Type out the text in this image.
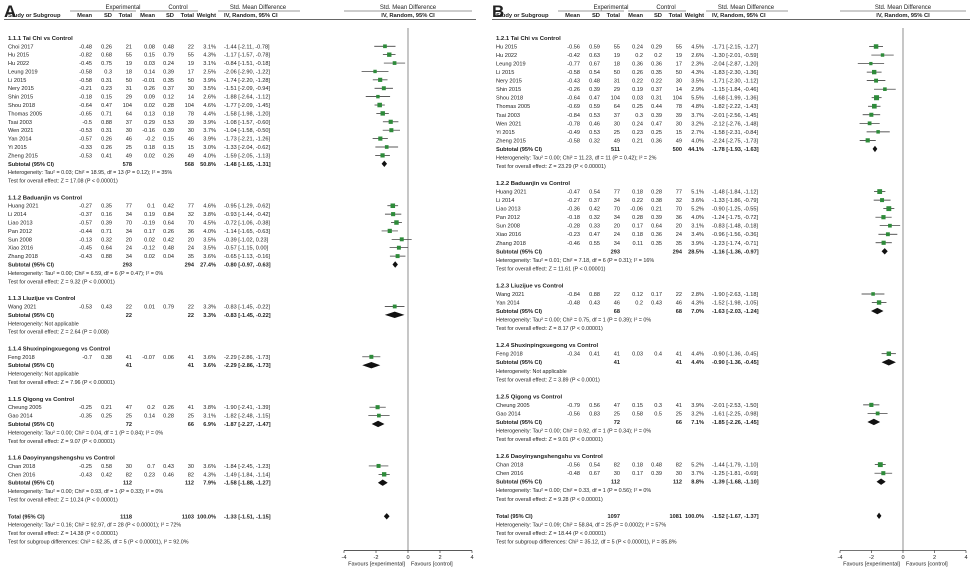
A	Experimental	Control	Std. Mean Difference	Std. Mean Difference
Study or Subgroup	Mean SD Total Mean SD Total Weight IV, Random, 95% CI	IV, Random, 95% CI
1.1.1 Tai Chi vs Control
Choi 2017	-0.48 0.26 21 0.08 0.48 22 3.1% -1.44 [-2.11, -0.78]
Hu 2015	-0.82 0.68 55 0.15 0.79 55 4.3% -1.17 [-1.57, -0.78]
Hu 2022	-0.45 0.75 19 0.03 0.24 19 3.1% -0.84 [-1.51, -0.18]
Leung 2019	-0.58 0.3 18 0.14 0.39 17 2.5% -2.06 [-2.90, -1.22]
Li 2015	-0.58 0.31 50 -0.01 0.35 50 3.9% -1.74 [-2.20, -1.28]
Nery 2015	-0.21 0.23 31 0.26 0.37 30 3.5% -1.51 [-2.09, -0.94]
Shin 2015	-0.18 0.15 29 0.09 0.12 14 2.6% -1.88 [-2.64, -1.12]
Shou 2018	-0.64 0.47 104 0.02 0.28 104 4.6% -1.77 [-2.09, -1.45]
Thomas 2005	-0.65 0.71 64 0.13 0.18 78 4.4% -1.58 [-1.98, -1.20]
Tsai 2003	-0.5 0.88 37 0.29 0.53 39 3.9% -1.08 [-1.57, -0.60]
Wen 2021	-0.53 0.31 30 -0.16 0.39 30 3.7% -1.04 [-1.58, -0.50]
Yan 2014	-0.57 0.26 46 -0.2 0.15 46 3.9% -1.73 [-2.21, -1.26]
Yi 2015	-0.33 0.26 25 0.18 0.15 15 3.0% -1.33 [-2.04, -0.62]
Zheng 2015	-0.53 0.41 49 0.02 0.26 49 4.0% -1.59 [-2.05, -1.13]
Subtotal (95% CI)	578	568 50.8% -1.48 [-1.65, -1.31]
Heterogeneity: Tau² = 0.03; Chi² = 18.95, df = 13 (P = 0.12); I² = 35%
Test for overall effect: Z = 17.08 (P < 0.00001)
1.1.2 Baduanjin vs Control
Huang 2021	-0.27 0.35 77	0.1 0.42 77 4.6% -0.95 [-1.29, -0.62]
Li 2014	-0.37 0.16 34 0.19 0.84 32 3.8% -0.93 [-1.44, -0.42]
Liao 2013	-0.57 0.39 70 -0.19 0.64 70 4.5% -0.72 [-1.06, -0.38]
Pan 2012	-0.44 0.71 34 0.17 0.26 36 4.0% -1.14 [-1.65, -0.63]
Sun 2008	-0.13 0.32 20 0.02 0.42 20 3.5% -0.39 [-1.02, 0.23]
Xiao 2016	-0.45 0.64 24 -0.12 0.48 24 3.5% -0.57 [-1.15, 0.00]
Zhang 2018	-0.43 0.88 34 0.02 0.04 35 3.6% -0.65 [-1.13, -0.16]
Subtotal (95% CI)	293	294 27.4% -0.80 [-0.97, -0.63]
Heterogeneity: Tau² = 0.00; Chi² = 6.59, df = 6 (P = 0.47); I² = 0%
Test for overall effect: Z = 9.32 (P < 0.00001)
1.1.3 Liuzijue vs Control
Wang 2021	-0.53 0.43 22 0.01 0.79 22 3.3% -0.83 [-1.45, -0.22]
Subtotal (95% CI)	22	22 3.3% -0.83 [-1.45, -0.22]
Heterogeneity: Not applicable
Test for overall effect: Z = 2.64 (P = 0.008)
1.1.4 Shuxinpingxuegong vs Control
Feng 2018	-0.7 0.38 41 -0.07 0.06 41 3.6% -2.29 [-2.86, -1.73]
Subtotal (95% CI)	41	41 3.6% -2.29 [-2.86, -1.73]
Heterogeneity: Not applicable
Test for overall effect: Z = 7.96 (P < 0.00001)
1.1.5 Qigong vs Control
Cheung 2005	-0.25 0.21 47	0.2 0.26 41 3.8% -1.90 [-2.41, -1.39]
Gao 2014	-0.35 0.25 25 0.14 0.28 25 3.1% -1.82 [-2.48, -1.15]
Subtotal (95% CI)	72	66 6.9% -1.87 [-2.27, -1.47]
Heterogeneity: Tau² = 0.00; Chi² = 0.04, df = 1 (P = 0.84); I² = 0%
Test for overall effect: Z = 9.07 (P < 0.00001)
1.1.6 Daoyinyangshengshu vs Control
Chan 2018	-0.25 0.58 30	0.7 0.43 30 3.6% -1.84 [-2.45, -1.23]
Chen 2016	-0.43 0.42 82 0.23 0.46 82 4.3% -1.49 [-1.84, -1.14]
Subtotal (95% CI)	112	112 7.9% -1.58 [-1.88, -1.27]
Heterogeneity: Tau² = 0.00; Chi² = 0.93, df = 1 (P = 0.33); I² = 0%
Test for overall effect: Z = 10.24 (P < 0.00001)
Total (95% CI)	1118	1103 100.0% -1.33 [-1.51, -1.15]
Heterogeneity: Tau² = 0.16; Chi² = 92.97, df = 28 (P < 0.00001); I² = 72%
Test for overall effect: Z = 14.38 (P < 0.00001)
Test for subgroup differences: Chi² = 62.35, df = 5 (P < 0.00001), I² = 92.0%
-4	-2	0	2	4
Favours [experimental] Favours [control]
B	Experimental	Control	Std. Mean Difference	Std. Mean Difference
Study or Subgroup	Mean SD Total Mean SD Total Weight IV, Random, 95% CI	IV, Random, 95% CI
1.2.1 Tai Chi vs Control
Hu 2015	-0.56 0.59 55 0.24 0.29 55 4.5% -1.71 [-2.15, -1.27]
Hu 2022	-0.42 0.63 19	0.2 0.2 19 2.6% -1.30 [-2.01, -0.59]
Leung 2019	-0.77 0.67 18 0.36 0.36 17 2.3% -2.04 [-2.87, -1.20]
Li 2015	-0.58 0.54 50 0.26 0.35 50 4.3% -1.83 [-2.30, -1.36]
Nery 2015	-0.43 0.48 31 0.22 0.22 30 3.5% -1.71 [-2.30, -1.12]
Shin 2015	-0.26 0.39 29 0.19 0.37 14 2.9% -1.15 [-1.84, -0.46]
Shou 2018	-0.64 0.47 104 0.03 0.31 104 5.5% -1.68 [-1.99, -1.36]
Thomas 2005	-0.69 0.59 64 0.25 0.44 78 4.8% -1.82 [-2.22, -1.43]
Tsai 2003	-0.84 0.53 37	0.3 0.39 39 3.7% -2.01 [-2.56, -1.45]
Wen 2021	-0.78 0.46 30 0.24 0.47 30 3.2% -2.12 [-2.76, -1.48]
Yi 2015	-0.49 0.53 25 0.23 0.25 15 2.7% -1.58 [-2.31, -0.84]
Zheng 2015	-0.58 0.32 49 0.21 0.36 49 4.0% -2.24 [-2.75, -1.73]
Subtotal (95% CI)	511	500 44.1% -1.78 [-1.93, -1.63]
Heterogeneity: Tau² = 0.00; Chi² = 11.23, df = 11 (P = 0.42); I² = 2%
Test for overall effect: Z = 23.29 (P < 0.00001)
1.2.2 Baduanjin vs Control
Huang 2021	-0.47 0.54 77 0.18 0.28 77 5.1% -1.48 [-1.84, -1.12]
Li 2014	-0.27 0.37 34 0.22 0.38 32 3.6% -1.33 [-1.86, -0.79]
Liao 2013	-0.36 0.42 70 -0.06 0.21 70 5.2% -0.90 [-1.25, -0.55]
Pan 2012	-0.18 0.32 34 0.28 0.39 36 4.0% -1.24 [-1.75, -0.72]
Sun 2008	-0.28 0.33 20 0.17 0.64 20 3.1% -0.83 [-1.48, -0.18]
Xiao 2016	-0.23 0.47 24 0.18 0.36 24 3.4% -0.96 [-1.56, -0.36]
Zhang 2018	-0.46 0.55 34 0.11 0.35 35 3.9% -1.23 [-1.74, -0.71]
Subtotal (95% CI)	293	294 28.5% -1.16 [-1.36, -0.97]
Heterogeneity: Tau² = 0.01; Chi² = 7.18, df = 6 (P = 0.31); I² = 16%
Test for overall effect: Z = 11.61 (P < 0.00001)
1.2.3 Liuzijue vs Control
Wang 2021	-0.84 0.88 22 0.12 0.17 22 2.8% -1.90 [-2.63, -1.18]
Yan 2014	-0.48 0.43 46	0.2 0.43 46 4.3% -1.52 [-1.98, -1.05]
Subtotal (95% CI)	68	68 7.0% -1.63 [-2.03, -1.24]
Heterogeneity: Tau² = 0.00; Chi² = 0.75, df = 1 (P = 0.39); I² = 0%
Test for overall effect: Z = 8.17 (P < 0.00001)
1.2.4 Shuxinpingxuegong vs Control
Feng 2018	-0.34 0.41 41 0.03 0.4 41 4.4% -0.90 [-1.36, -0.45]
Subtotal (95% CI)	41	41 4.4% -0.90 [-1.36, -0.45]
Heterogeneity: Not applicable
Test for overall effect: Z = 3.89 (P < 0.0001)
1.2.5 Qigong vs Control
Cheung 2005	-0.79 0.56 47 0.15 0.3 41 3.9% -2.01 [-2.53, -1.50]
Gao 2014	-0.56 0.83 25 0.58 0.5 25 3.2% -1.61 [-2.25, -0.98]
Subtotal (95% CI)	72	66 7.1% -1.85 [-2.26, -1.45]
Heterogeneity: Tau² = 0.00; Chi² = 0.92, df = 1 (P = 0.34); I² = 0%
Test for overall effect: Z = 9.01 (P < 0.00001)
1.2.6 Daoyinyangshengshu vs Control
Chan 2018	-0.56 0.54 82 0.18 0.48 82 5.2% -1.44 [-1.79, -1.10]
Chen 2016	-0.48 0.67 30 0.17 0.39 30 3.7% -1.25 [-1.81, -0.69]
Subtotal (95% CI)	112	112 8.8% -1.39 [-1.68, -1.10]
Heterogeneity: Tau² = 0.00; Chi² = 0.33, df = 1 (P = 0.56); I² = 0%
Test for overall effect: Z = 9.28 (P < 0.00001)
Total (95% CI)	1097	1081 100.0% -1.52 [-1.67, -1.37]
Heterogeneity: Tau² = 0.09; Chi² = 58.84, df = 25 (P = 0.0002); I² = 57%
Test for overall effect: Z = 18.44 (P < 0.00001)
Test for subgroup differences: Chi² = 35.12, df = 5 (P < 0.00001), I² = 85.8%
-4	-2	0	2	4
Favours [experimental] Favours [control]
